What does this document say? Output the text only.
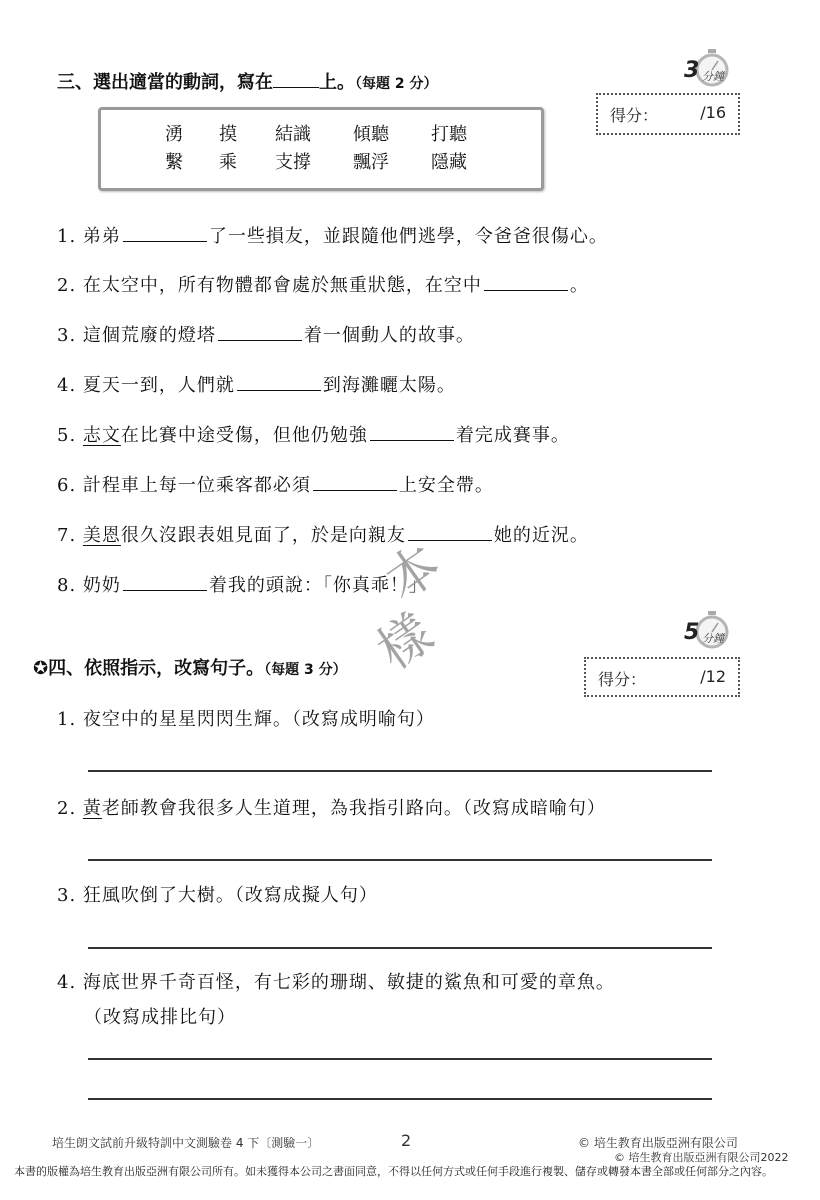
三、選出適當的動詞，寫在	上。（每題 2 分）
3 分鐘
得分：	/16
湧	摸	結識	傾聽	打聽
繫	乘	支撐	飄浮	隱藏
1. 弟弟	了一些損友，並跟隨他們逃學，令爸爸很傷心。
2. 在太空中，所有物體都會處於無重狀態，在空中	。
3. 這個荒廢的燈塔	着一個動人的故事。
4. 夏天一到，人們就	到海灘曬太陽。
5. 志文在比賽中途受傷，但他仍勉強	着完成賽事。
6. 計程車上每一位乘客都必須	上安全帶。
7. 美恩很久沒跟表姐見面了，於是向親友	她的近況。
8. 奶奶	着我的頭說：「你真乖！」
本
樣	5 分鐘
✪四、依照指示，改寫句子。（每題 3 分）	得分：	/12
1. 夜空中的星星閃閃生輝。（改寫成明喻句）
2. 黃老師教會我很多人生道理，為我指引路向。（改寫成暗喻句）
3. 狂風吹倒了大樹。（改寫成擬人句）
4. 海底世界千奇百怪，有七彩的珊瑚、敏捷的鯊魚和可愛的章魚。
（改寫成排比句）
培生朗文試前升級特訓中文測驗卷 4 下〔測驗一〕	2	© 培生教育出版亞洲有限公司
© 培生教育出版亞洲有限公司2022
本書的版權為培生教育出版亞洲有限公司所有。如未獲得本公司之書面同意，不得以任何方式或任何手段進行複製、儲存或轉發本書全部或任何部分之內容。
